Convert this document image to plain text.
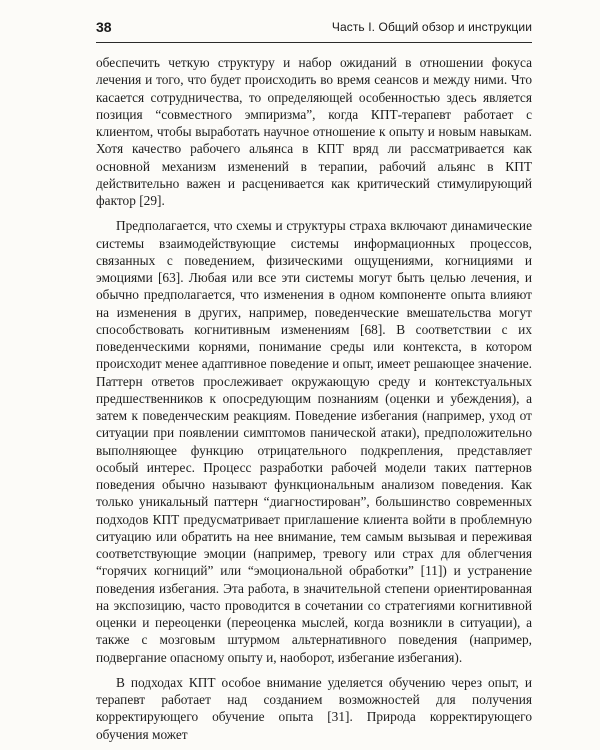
38	Часть I. Общий обзор и инструкции

обеспечить четкую структуру и набор ожиданий в отношении фокуса лечения и того, что будет происходить во время сеансов и между ними. Что касается сотрудничества, то определяющей особенностью здесь является позиция “совместного эмпиризма”, когда КПТ-терапевт работает с клиентом, чтобы выработать научное отношение к опыту и новым навыкам. Хотя качество рабочего альянса в КПТ вряд ли рассматривается как основной механизм изменений в терапии, рабочий альянс в КПТ действительно важен и расценивается как критический стимулирующий фактор [29].

Предполагается, что схемы и структуры страха включают динамические системы взаимодействующие системы информационных процессов, связанных с поведением, физическими ощущениями, когнициями и эмоциями [63]. Любая или все эти системы могут быть целью лечения, и обычно предполагается, что изменения в одном компоненте опыта влияют на изменения в других, например, поведенческие вмешательства могут способствовать когнитивным изменениям [68]. В соответствии с их поведенческими корнями, понимание среды или контекста, в котором происходит менее адаптивное поведение и опыт, имеет решающее значение. Паттерн ответов прослеживает окружающую среду и контекстуальных предшественников к опосредующим познаниям (оценки и убеждения), а затем к поведенческим реакциям. Поведение избегания (например, уход от ситуации при появлении симптомов панической атаки), предположительно выполняющее функцию отрицательного подкрепления, представляет особый интерес. Процесс разработки рабочей модели таких паттернов поведения обычно называют функциональным анализом поведения. Как только уникальный паттерн “диагностирован”, большинство современных подходов КПТ предусматривает приглашение клиента войти в проблемную ситуацию или обратить на нее внимание, тем самым вызывая и переживая соответствующие эмоции (например, тревогу или страх для облегчения “горячих когниций” или “эмоциональной обработки” [11]) и устранение поведения избегания. Эта работа, в значительной степени ориентированная на экспозицию, часто проводится в сочетании со стратегиями когнитивной оценки и переоценки (переоценка мыслей, когда возникли в ситуации), а также с мозговым штурмом альтернативного поведения (например, подвергание опасному опыту и, наоборот, избегание избегания).

В подходах КПТ особое внимание уделяется обучению через опыт, и терапевт работает над созданием возможностей для получения корректирующего обучение опыта [31]. Природа корректирующего обучения может
